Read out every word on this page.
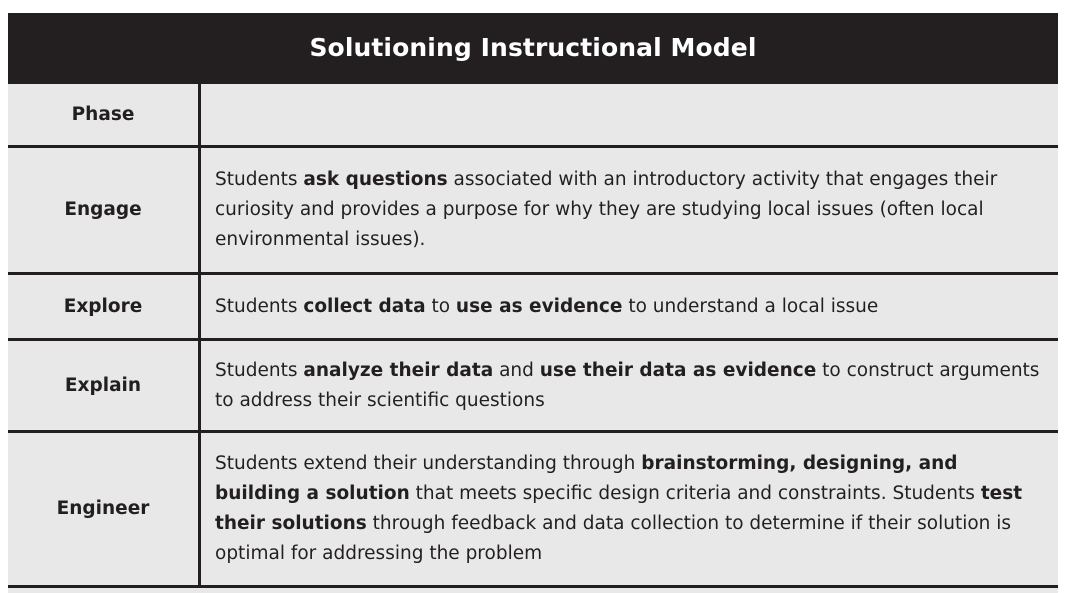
Solutioning Instructional Model
Phase	
Engage	Students ask questions associated with an introductory activity that engages their curiosity and provides a purpose for why they are studying local issues (often local environmental issues).
Explore	Students collect data to use as evidence to understand a local issue
Explain	Students analyze their data and use their data as evidence to construct arguments to address their scientific questions
Engineer	Students extend their understanding through brainstorming, designing, and building a solution that meets specific design criteria and constraints. Students test their solutions through feedback and data collection to determine if their solution is optimal for addressing the problem
